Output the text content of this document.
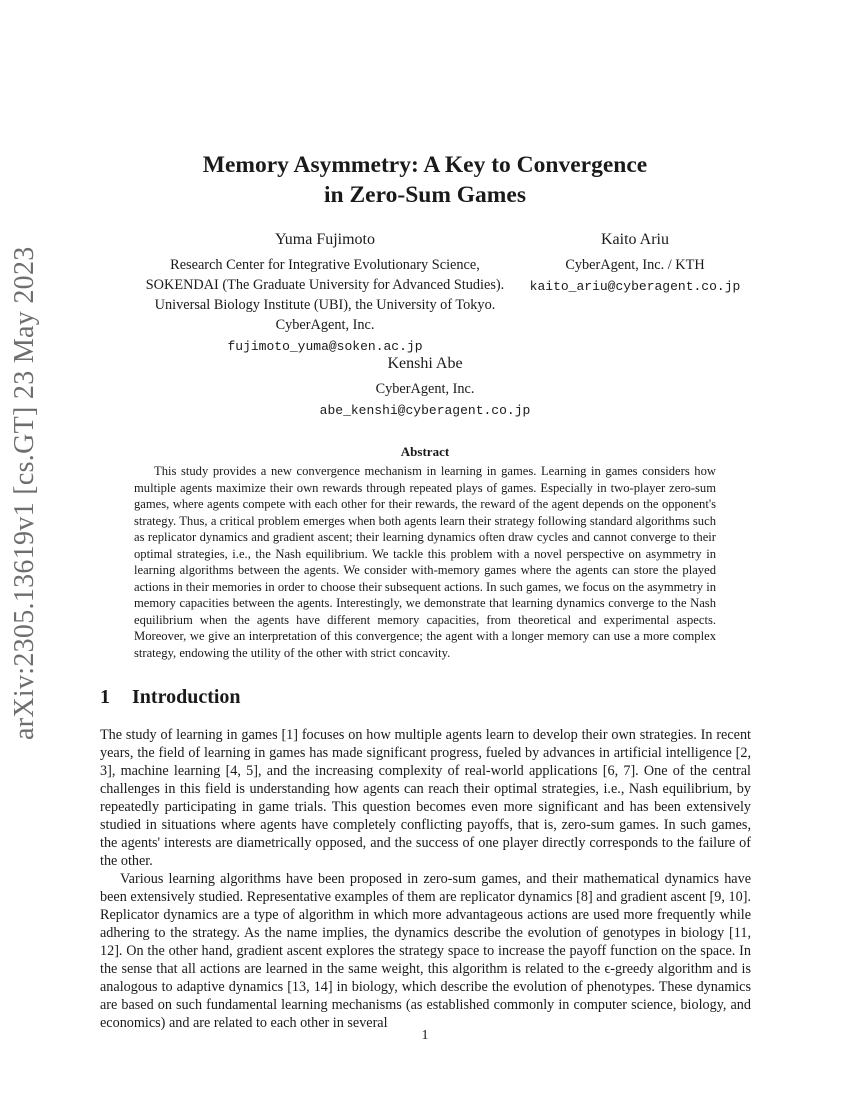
arXiv:2305.13619v1 [cs.GT] 23 May 2023
Memory Asymmetry: A Key to Convergence
in Zero-Sum Games
Yuma Fujimoto
Research Center for Integrative Evolutionary Science,
SOKENDAI (The Graduate University for Advanced Studies).
Universal Biology Institute (UBI), the University of Tokyo.
CyberAgent, Inc.
fujimoto_yuma@soken.ac.jp
Kaito Ariu
CyberAgent, Inc. / KTH
kaito_ariu@cyberagent.co.jp
Kenshi Abe
CyberAgent, Inc.
abe_kenshi@cyberagent.co.jp
Abstract
This study provides a new convergence mechanism in learning in games. Learning in games considers how multiple agents maximize their own rewards through repeated plays of games. Especially in two-player zero-sum games, where agents compete with each other for their rewards, the reward of the agent depends on the opponent's strategy. Thus, a critical problem emerges when both agents learn their strategy following standard algorithms such as replicator dynamics and gradient ascent; their learning dynamics often draw cycles and cannot converge to their optimal strategies, i.e., the Nash equilibrium. We tackle this problem with a novel perspective on asymmetry in learning algorithms between the agents. We consider with-memory games where the agents can store the played actions in their memories in order to choose their subsequent actions. In such games, we focus on the asymmetry in memory capacities between the agents. Interestingly, we demonstrate that learning dynamics converge to the Nash equilibrium when the agents have different memory capacities, from theoretical and experimental aspects. Moreover, we give an interpretation of this convergence; the agent with a longer memory can use a more complex strategy, endowing the utility of the other with strict concavity.
1 Introduction

The study of learning in games [1] focuses on how multiple agents learn to develop their own strategies. In recent years, the field of learning in games has made significant progress, fueled by advances in artificial intelligence [2, 3], machine learning [4, 5], and the increasing complexity of real-world applications [6, 7]. One of the central challenges in this field is understanding how agents can reach their optimal strategies, i.e., Nash equilibrium, by repeatedly participating in game trials. This question becomes even more significant and has been extensively studied in situations where agents have completely conflicting payoffs, that is, zero-sum games. In such games, the agents' interests are diametrically opposed, and the success of one player directly corresponds to the failure of the other.

Various learning algorithms have been proposed in zero-sum games, and their mathematical dynamics have been extensively studied. Representative examples of them are replicator dynamics [8] and gradient ascent [9, 10]. Replicator dynamics are a type of algorithm in which more advantageous actions are used more frequently while adhering to the strategy. As the name implies, the dynamics describe the evolution of genotypes in biology [11, 12]. On the other hand, gradient ascent explores the strategy space to increase the payoff function on the space. In the sense that all actions are learned in the same weight, this algorithm is related to the ϵ-greedy algorithm and is analogous to adaptive dynamics [13, 14] in biology, which describe the evolution of phenotypes. These dynamics are based on such fundamental learning mechanisms (as established commonly in computer science, biology, and economics) and are related to each other in several

1
